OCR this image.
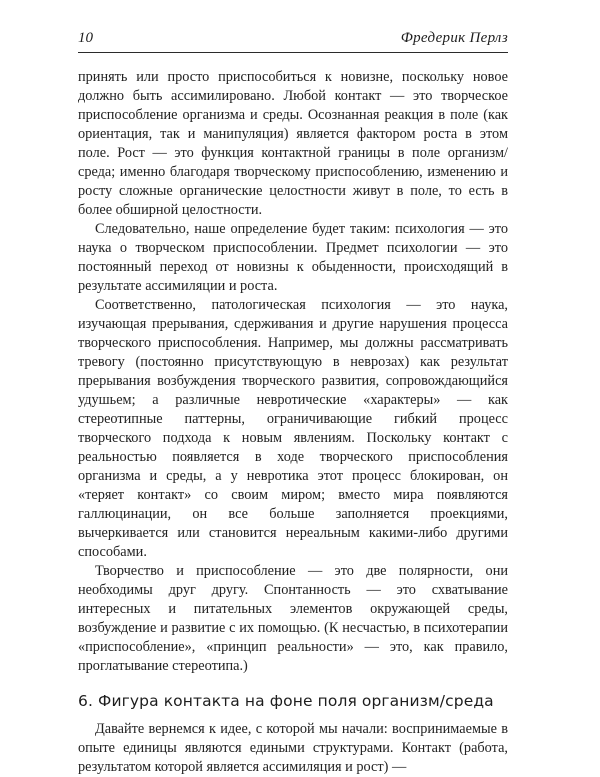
10	Фредерик Перлз

принять или просто приспособиться к новизне, поскольку новое должно быть ассимилировано. Любой контакт — это творческое приспособление организма и среды. Осознанная реакция в поле (как ориентация, так и манипуляция) является фактором роста в этом поле. Рост — это функция контактной границы в поле организм/среда; именно благодаря творческому приспособлению, изменению и росту сложные органические целостности живут в поле, то есть в более обширной целостности.

Следовательно, наше определение будет таким: психология — это наука о творческом приспособлении. Предмет психологии — это постоянный переход от новизны к обыденности, происходящий в результате ассимиляции и роста.

Соответственно, патологическая психология — это наука, изучающая прерывания, сдерживания и другие нарушения процесса творческого приспособления. Например, мы должны рассматривать тревогу (постоянно присутствующую в неврозах) как результат прерывания возбуждения творческого развития, сопровождающийся удушьем; а различные невротические «характеры» — как стереотипные паттерны, ограничивающие гибкий процесс творческого подхода к новым явлениям. Поскольку контакт с реальностью появляется в ходе творческого приспособления организма и среды, а у невротика этот процесс блокирован, он «теряет контакт» со своим миром; вместо мира появляются галлюцинации, он все больше заполняется проекциями, вычеркивается или становится нереальным какими-либо другими способами.

Творчество и приспособление — это две полярности, они необходимы друг другу. Спонтанность — это схватывание интересных и питательных элементов окружающей среды, возбуждение и развитие с их помощью. (К несчастью, в психотерапии «приспособление», «принцип реальности» — это, как правило, проглатывание стереотипа.)

6. Фигура контакта на фоне поля организм/среда

Давайте вернемся к идее, с которой мы начали: воспринимаемые в опыте единицы являются едиными структурами. Контакт (работа, результатом которой является ассимиляция и рост) —
